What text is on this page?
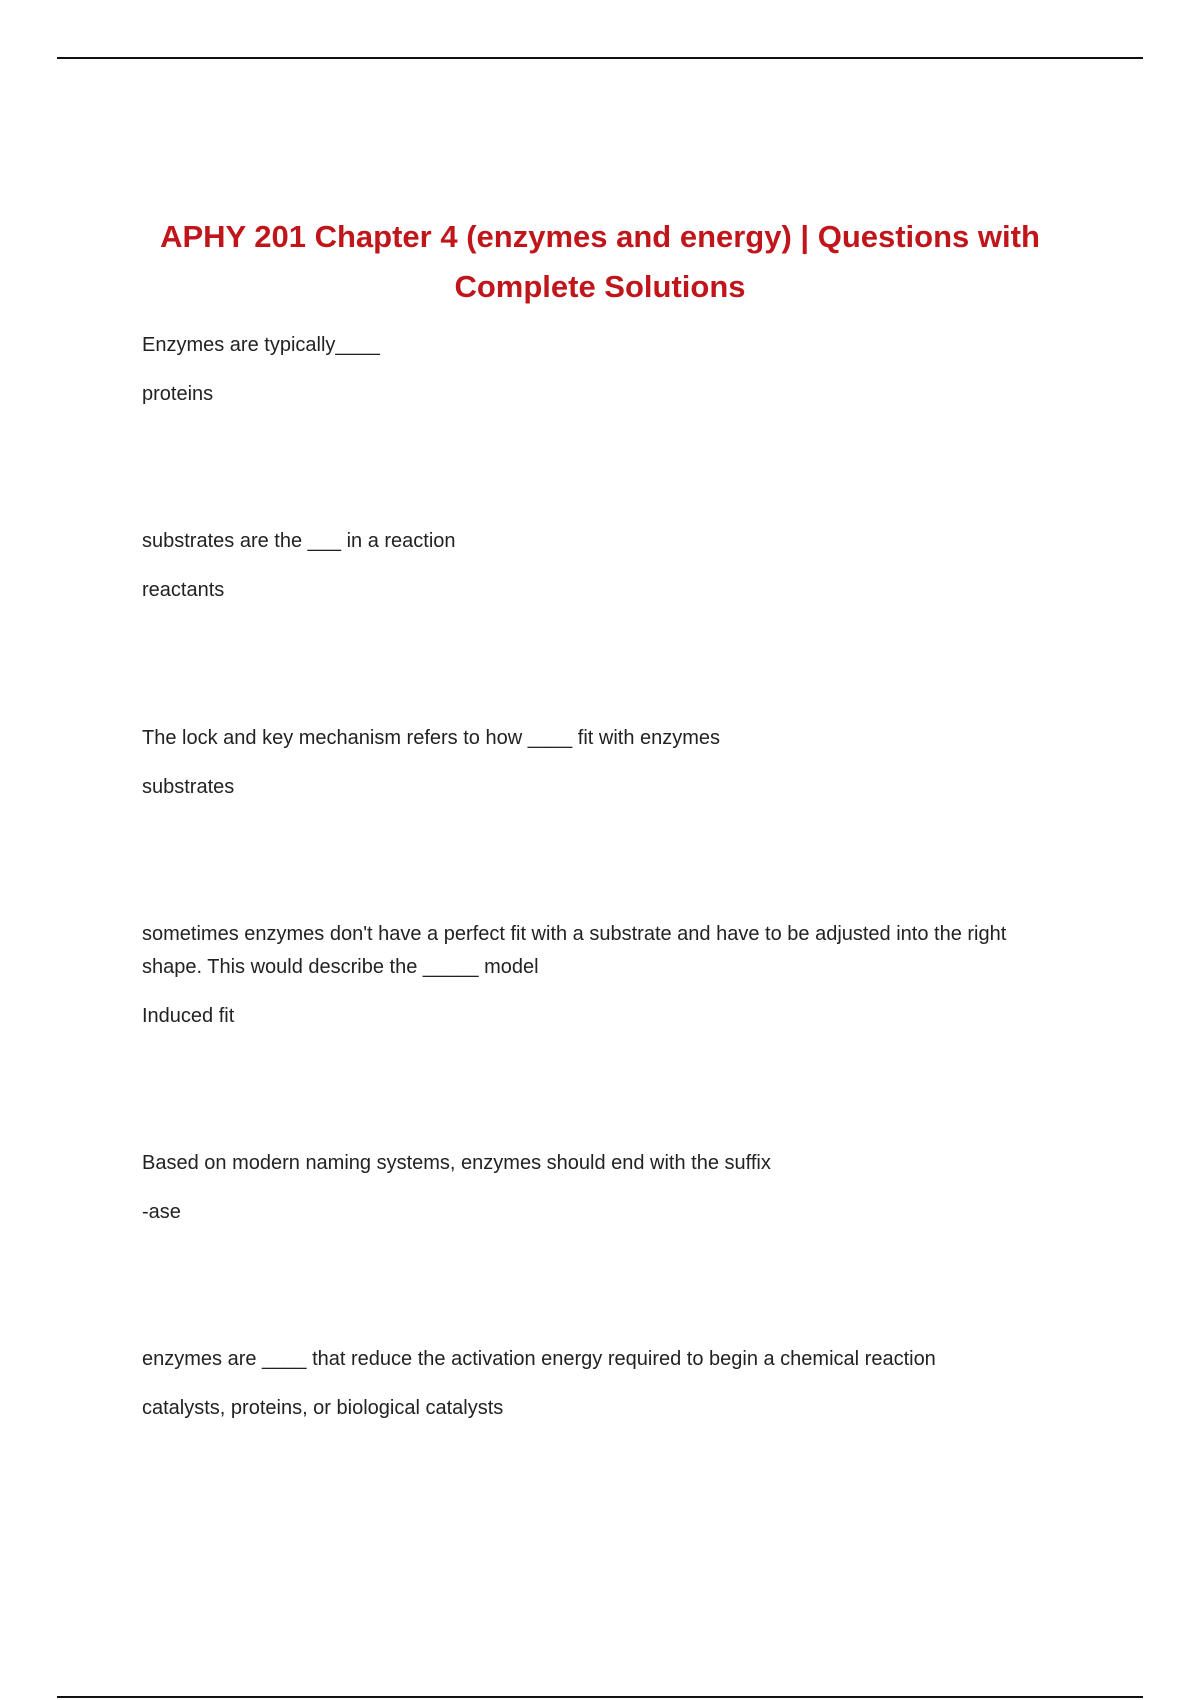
APHY 201 Chapter 4 (enzymes and energy) | Questions with Complete Solutions

Enzymes are typically____

proteins

substrates are the ___ in a reaction

reactants

The lock and key mechanism refers to how ____ fit with enzymes

substrates

sometimes enzymes don't have a perfect fit with a substrate and have to be adjusted into the right shape. This would describe the _____ model

Induced fit

Based on modern naming systems, enzymes should end with the suffix

-ase

enzymes are ____ that reduce the activation energy required to begin a chemical reaction

catalysts, proteins, or biological catalysts
